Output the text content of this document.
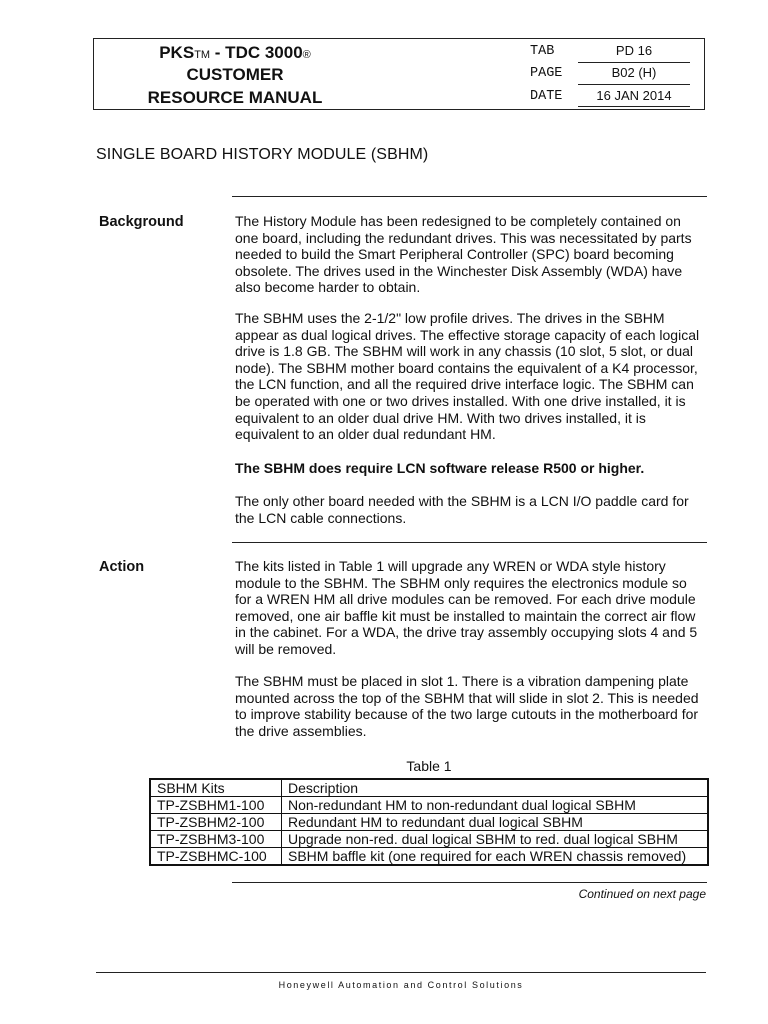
PKSTM - TDC 3000®
CUSTOMER
RESOURCE MANUAL
TAB	PD 16
PAGE	B02 (H)
DATE	16 JAN 2014
SINGLE BOARD HISTORY MODULE (SBHM)
Background	The History Module has been redesigned to be completely contained on one board, including the redundant drives. This was necessitated by parts needed to build the Smart Peripheral Controller (SPC) board becoming obsolete. The drives used in the Winchester Disk Assembly (WDA) have also become harder to obtain.
The SBHM uses the 2-1/2" low profile drives. The drives in the SBHM appear as dual logical drives. The effective storage capacity of each logical drive is 1.8 GB. The SBHM will work in any chassis (10 slot, 5 slot, or dual node). The SBHM mother board contains the equivalent of a K4 processor, the LCN function, and all the required drive interface logic. The SBHM can be operated with one or two drives installed. With one drive installed, it is equivalent to an older dual drive HM. With two drives installed, it is equivalent to an older dual redundant HM.
The SBHM does require LCN software release R500 or higher.
The only other board needed with the SBHM is a LCN I/O paddle card for the LCN cable connections.
Action	The kits listed in Table 1 will upgrade any WREN or WDA style history module to the SBHM. The SBHM only requires the electronics module so for a WREN HM all drive modules can be removed. For each drive module removed, one air baffle kit must be installed to maintain the correct air flow in the cabinet. For a WDA, the drive tray assembly occupying slots 4 and 5 will be removed.
The SBHM must be placed in slot 1. There is a vibration dampening plate mounted across the top of the SBHM that will slide in slot 2. This is needed to improve stability because of the two large cutouts in the motherboard for the drive assemblies.
Table 1
SBHM Kits	Description
TP-ZSBHM1-100	Non-redundant HM to non-redundant dual logical SBHM
TP-ZSBHM2-100	Redundant HM to redundant dual logical SBHM
TP-ZSBHM3-100	Upgrade non-red. dual logical SBHM to red. dual logical SBHM
TP-ZSBHMC-100	SBHM baffle kit (one required for each WREN chassis removed)
Continued on next page
Honeywell Automation and Control Solutions
